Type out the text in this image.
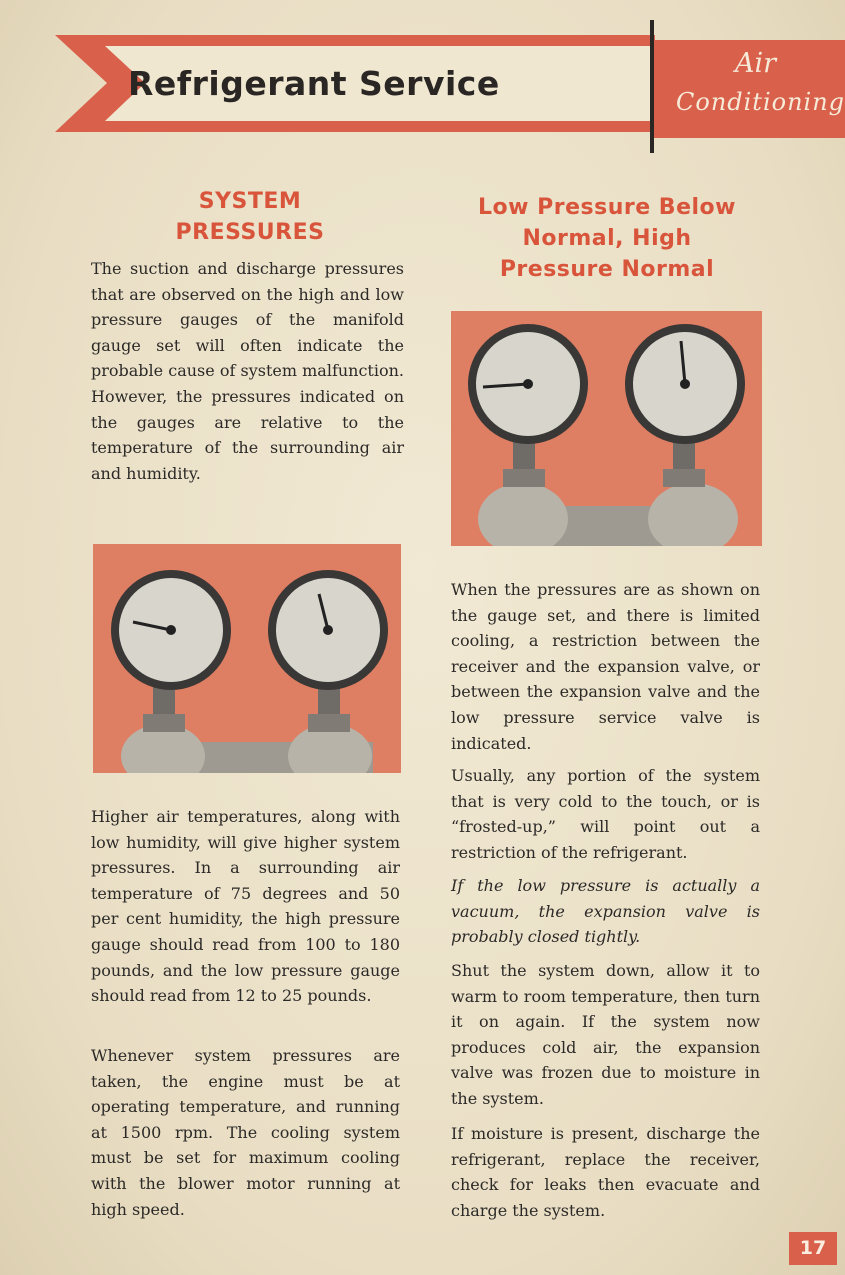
Refrigerant Service
Air
Conditioning
SYSTEM
PRESSURES
The suction and discharge pressures that are observed on the high and low pressure gauges of the manifold gauge set will often indicate the probable cause of system malfunction. However, the pressures indicated on the gauges are relative to the temperature of the surrounding air and humidity.
Higher air temperatures, along with low humidity, will give higher system pressures. In a surrounding air temperature of 75 degrees and 50 per cent humidity, the high pressure gauge should read from 100 to 180 pounds, and the low pressure gauge should read from 12 to 25 pounds.
Whenever system pressures are taken, the engine must be at operating temperature, and running at 1500 rpm. The cooling system must be set for maximum cooling with the blower motor running at high speed.
Low Pressure Below
Normal, High
Pressure Normal
When the pressures are as shown on the gauge set, and there is limited cooling, a restriction between the receiver and the expansion valve, or between the expansion valve and the low pressure service valve is indicated.
Usually, any portion of the system that is very cold to the touch, or is “frosted-up,” will point out a restriction of the refrigerant.
If the low pressure is actually a vacuum, the expansion valve is probably closed tightly.
Shut the system down, allow it to warm to room temperature, then turn it on again. If the system now produces cold air, the expansion valve was frozen due to moisture in the system.
If moisture is present, discharge the refrigerant, replace the receiver, check for leaks then evacuate and charge the system.
17
